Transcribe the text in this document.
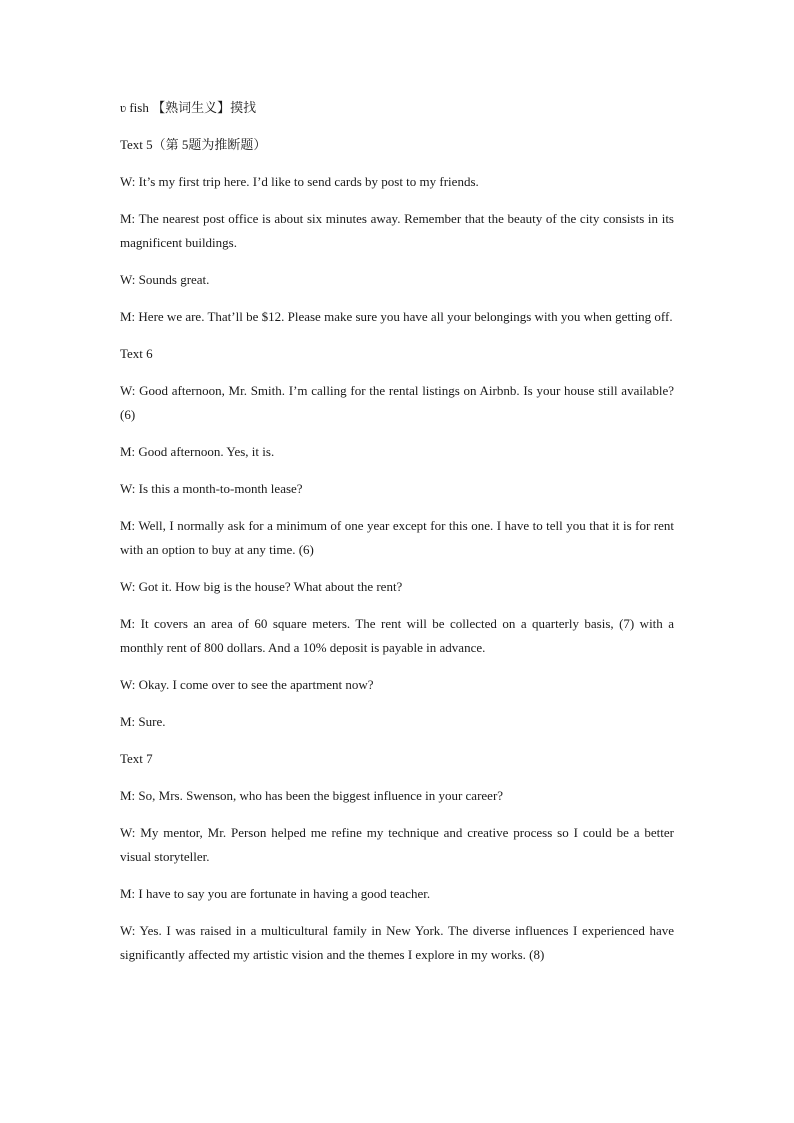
ʋ fish 【熟词生义】摸找

Text 5（第 5题为推断题）

W: It’s my first trip here. I’d like to send cards by post to my friends.

M: The nearest post office is about six minutes away. Remember that the beauty of the city consists in its magnificent buildings.

W: Sounds great.

M: Here we are. That’ll be $12. Please make sure you have all your belongings with you when getting off.

Text 6

W: Good afternoon, Mr. Smith. I’m calling for the rental listings on Airbnb. Is your house still available? (6)

M: Good afternoon. Yes, it is.

W: Is this a month-to-month lease?

M: Well, I normally ask for a minimum of one year except for this one. I have to tell you that it is for rent with an option to buy at any time. (6)

W: Got it. How big is the house? What about the rent?

M: It covers an area of 60 square meters. The rent will be collected on a quarterly basis, (7) with a monthly rent of 800 dollars. And a 10% deposit is payable in advance.

W: Okay. I come over to see the apartment now?

M: Sure.

Text 7

M: So, Mrs. Swenson, who has been the biggest influence in your career?

W: My mentor, Mr. Person helped me refine my technique and creative process so I could be a better visual storyteller.

M: I have to say you are fortunate in having a good teacher.

W: Yes. I was raised in a multicultural family in New York. The diverse influences I experienced have significantly affected my artistic vision and the themes I explore in my works. (8)
